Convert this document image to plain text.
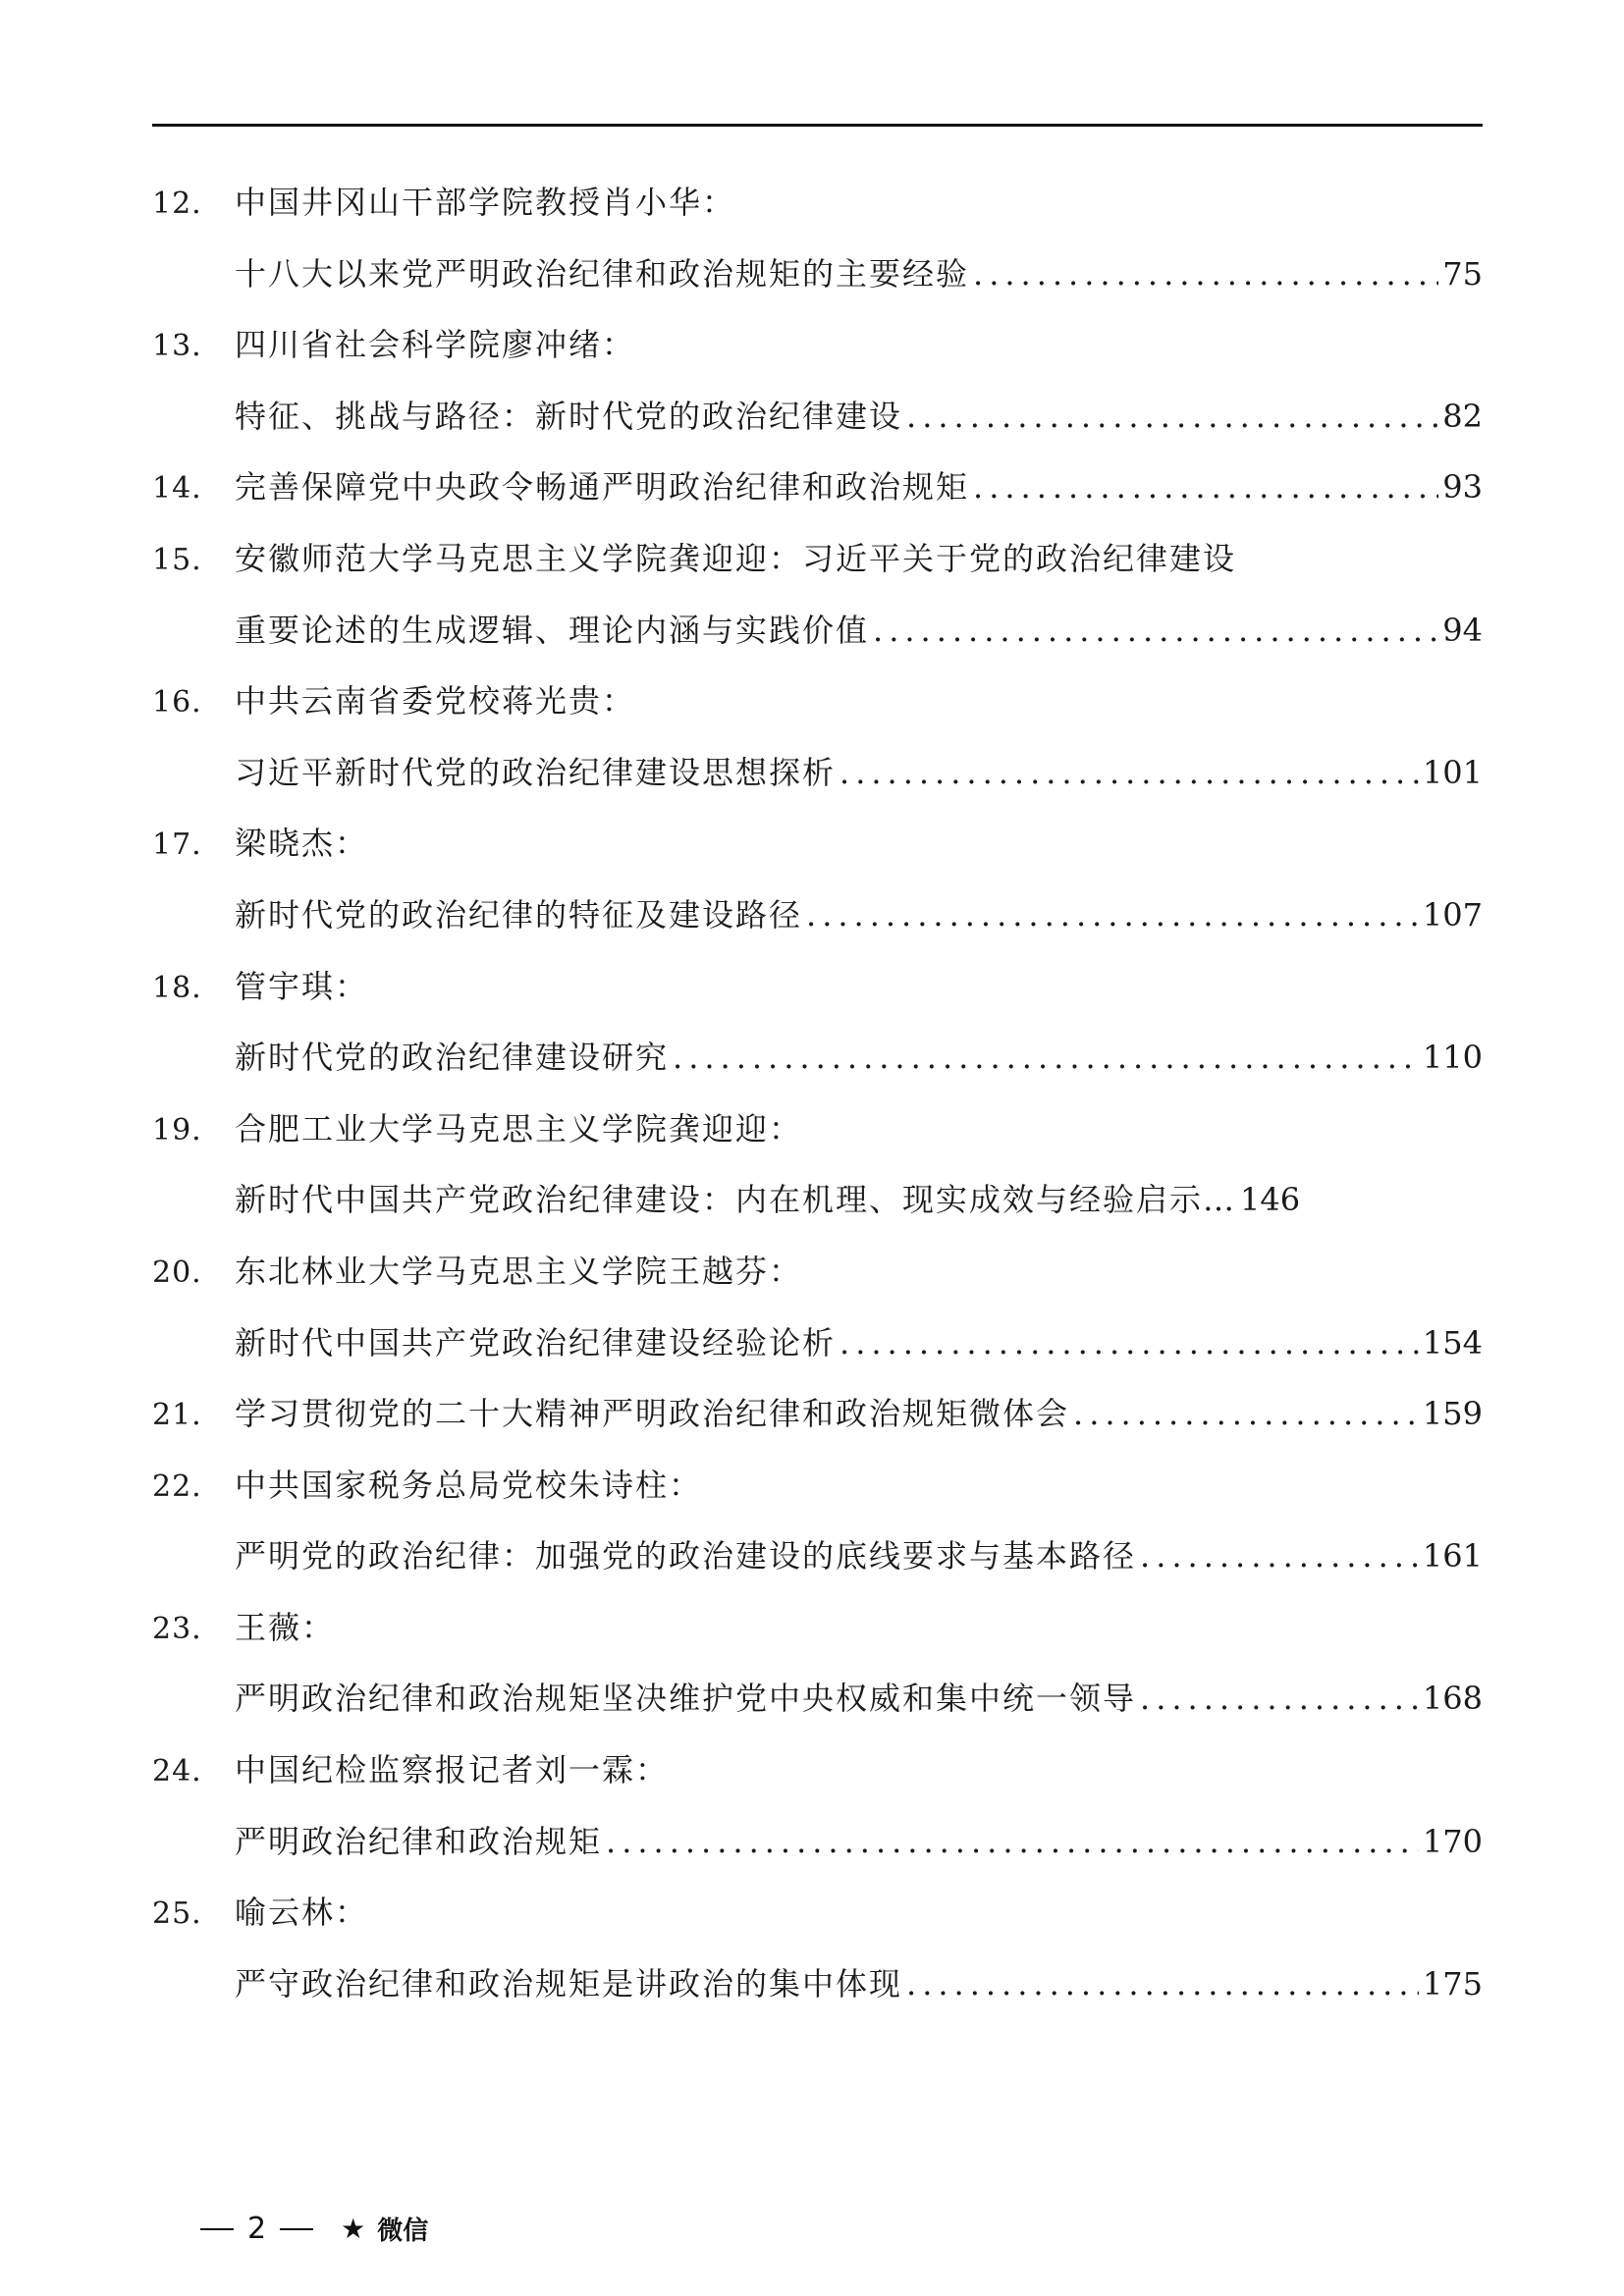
12.	中国井冈山干部学院教授肖小华：
十八大以来党严明政治纪律和政治规矩的主要经验 .....	75
13.	四川省社会科学院廖冲绪：
特征、挑战与路径：新时代党的政治纪律建设 .....	82
14.	完善保障党中央政令畅通严明政治纪律和政治规矩 .....	93
15.	安徽师范大学马克思主义学院龚迎迎：习近平关于党的政治纪律建设
重要论述的生成逻辑、理论内涵与实践价值 .....	94
16.	中共云南省委党校蒋光贵：
习近平新时代党的政治纪律建设思想探析 .....	101
17.	梁晓杰：
新时代党的政治纪律的特征及建设路径 .....	107
18.	管宇琪：
新时代党的政治纪律建设研究 .....	110
19.	合肥工业大学马克思主义学院龚迎迎：
新时代中国共产党政治纪律建设：内在机理、现实成效与经验启示… 146
20.	东北林业大学马克思主义学院王越芬：
新时代中国共产党政治纪律建设经验论析 .....	154
21.	学习贯彻党的二十大精神严明政治纪律和政治规矩微体会 .....	159
22.	中共国家税务总局党校朱诗柱：
严明党的政治纪律：加强党的政治建设的底线要求与基本路径 .....	161
23.	王薇：
严明政治纪律和政治规矩坚决维护党中央权威和集中统一领导 .....	168
24.	中国纪检监察报记者刘一霖：
严明政治纪律和政治规矩 .....	170
25.	喻云林：
严守政治纪律和政治规矩是讲政治的集中体现 .....	175
2	★ 微信
